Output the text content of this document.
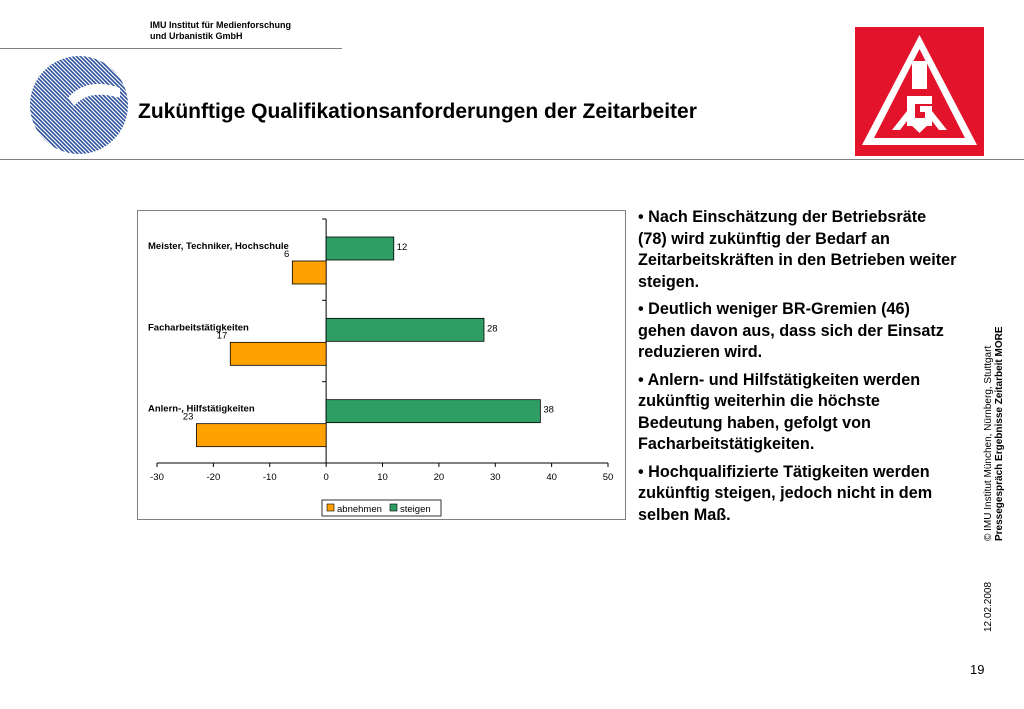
IMU Institut für Medienforschung
und Urbanistik GmbH
Zukünftige Qualifikationsanforderungen der Zeitarbeiter
-30	-20	-10	0	10	20	30	40	50
Meister, Techniker, Hochschule	12
6
Facharbeitstätigkeiten	28
17
Anlern-, Hilfstätigkeiten	38
23
abnehmen steigen
• Nach Einschätzung der Betriebsräte (78) wird zukünftig der Bedarf an Zeitarbeitskräften in den Betrieben weiter steigen.
• Deutlich weniger BR-Gremien (46) gehen davon aus, dass sich der Einsatz reduzieren wird.
• Anlern- und Hilfstätigkeiten werden zukünftig weiterhin die höchste Bedeutung haben, gefolgt von Facharbeitstätigkeiten.
• Hochqualifizierte Tätigkeiten werden zukünftig steigen, jedoch nicht in dem selben Maß.	© IMU Institut München, Nürnberg, Stuttgart Pressegespräch Ergebnisse Zeitarbeit MORE
12.02.2008
19
